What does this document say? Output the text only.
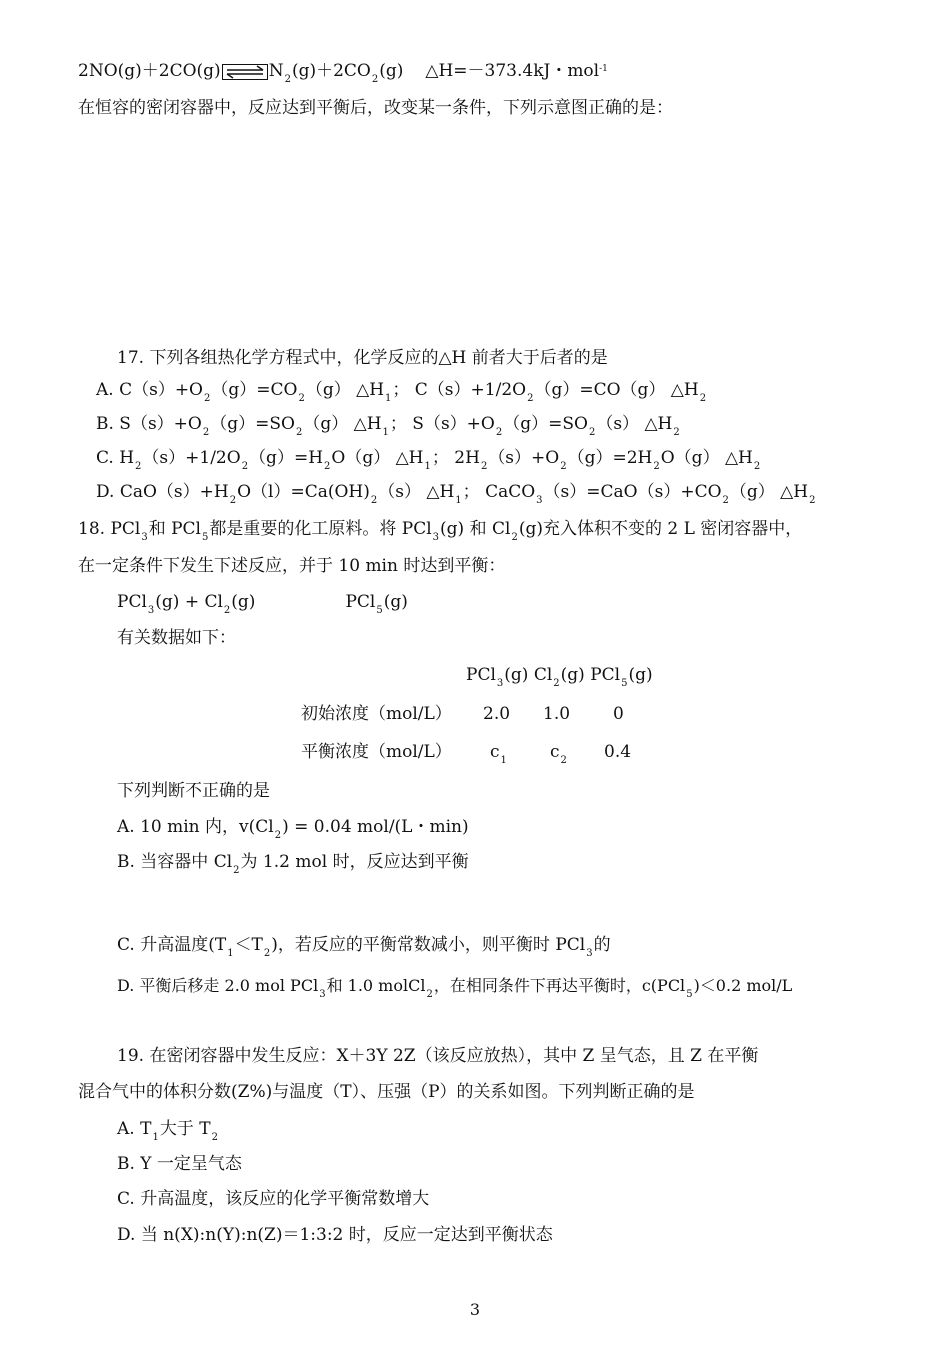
2NO(g)＋2CO(g)	$N_2(g)+2CO_2(g)$ △H=－373.4kJ・mol$^{-1}$
在恒容的密闭容器中，反应达到平衡后，改变某一条件，下列示意图正确的是：
17. 下列各组热化学方程式中，化学反应的△H 前者大于后者的是
A. $C(s)+O_2(g)=CO_2(g)$ $\triangle H_1$； $C(s)+1/2O_2(g)=CO(g)$ $\triangle H_2$
B. $S(s)+O_2(g)=SO_2(g)$ $\triangle H_1$； $S(s)+O_2(g)=SO_2(s)$ $\triangle H_2$
C. $H_2(s)+1/2O_2(g)=H_2O(g)$ $\triangle H_1$； $2H_2(s)+O_2(g)=2H_2O(g)$ $\triangle H_2$
D. $CaO(s)+H_2O(l)=Ca(OH)_2(s)$ $\triangle H_1$； $CaCO_3(s)=CaO(s)+CO_2(g)$ $\triangle H_2$
18. PCl$_3$和 PCl$_5$都是重要的化工原料。将 PCl$_3$(g) 和 $Cl_2(g)$充入体积不变的 2 L 密闭容器中，
在一定条件下发生下述反应，并于 10 min 时达到平衡：
$PCl_3(g) + Cl_2(g)$	PCl$_5$(g)
有关数据如下：
PCl$_3$(g) $Cl_2(g)$ PCl$_5$(g)
初始浓度（mol/L） 2.0 1.0	0
平衡浓度（mol/L） $c_1$	$c_2$ 0.4
下列判断不正确的是
A. 10 min 内，$v(Cl_2) = 0.04$ mol/(L・min)
B. 当容器中 $Cl_2$为 1.2 mol 时，反应达到平衡
C. 升高温度$(T_1<T_2)$，若反应的平衡常数减小，则平衡时 PCl$_3$的
D. 平衡后移走 2.0 mol PCl$_3$和 1.0 molCl$_2$，在相同条件下再达平衡时，c(PCl$_5$)＜0.2 mol/L
19. 在密闭容器中发生反应：X＋3Y 2Z（该反应放热），其中 Z 呈气态，且 Z 在平衡
混合气中的体积分数(Z%)与温度（T）、压强（P）的关系如图。下列判断正确的是
A. $T_1$大于 $T_2$
B. Y 一定呈气态
C. 升高温度，该反应的化学平衡常数增大
D. 当 n(X):n(Y):n(Z)＝1:3:2 时，反应一定达到平衡状态
3
